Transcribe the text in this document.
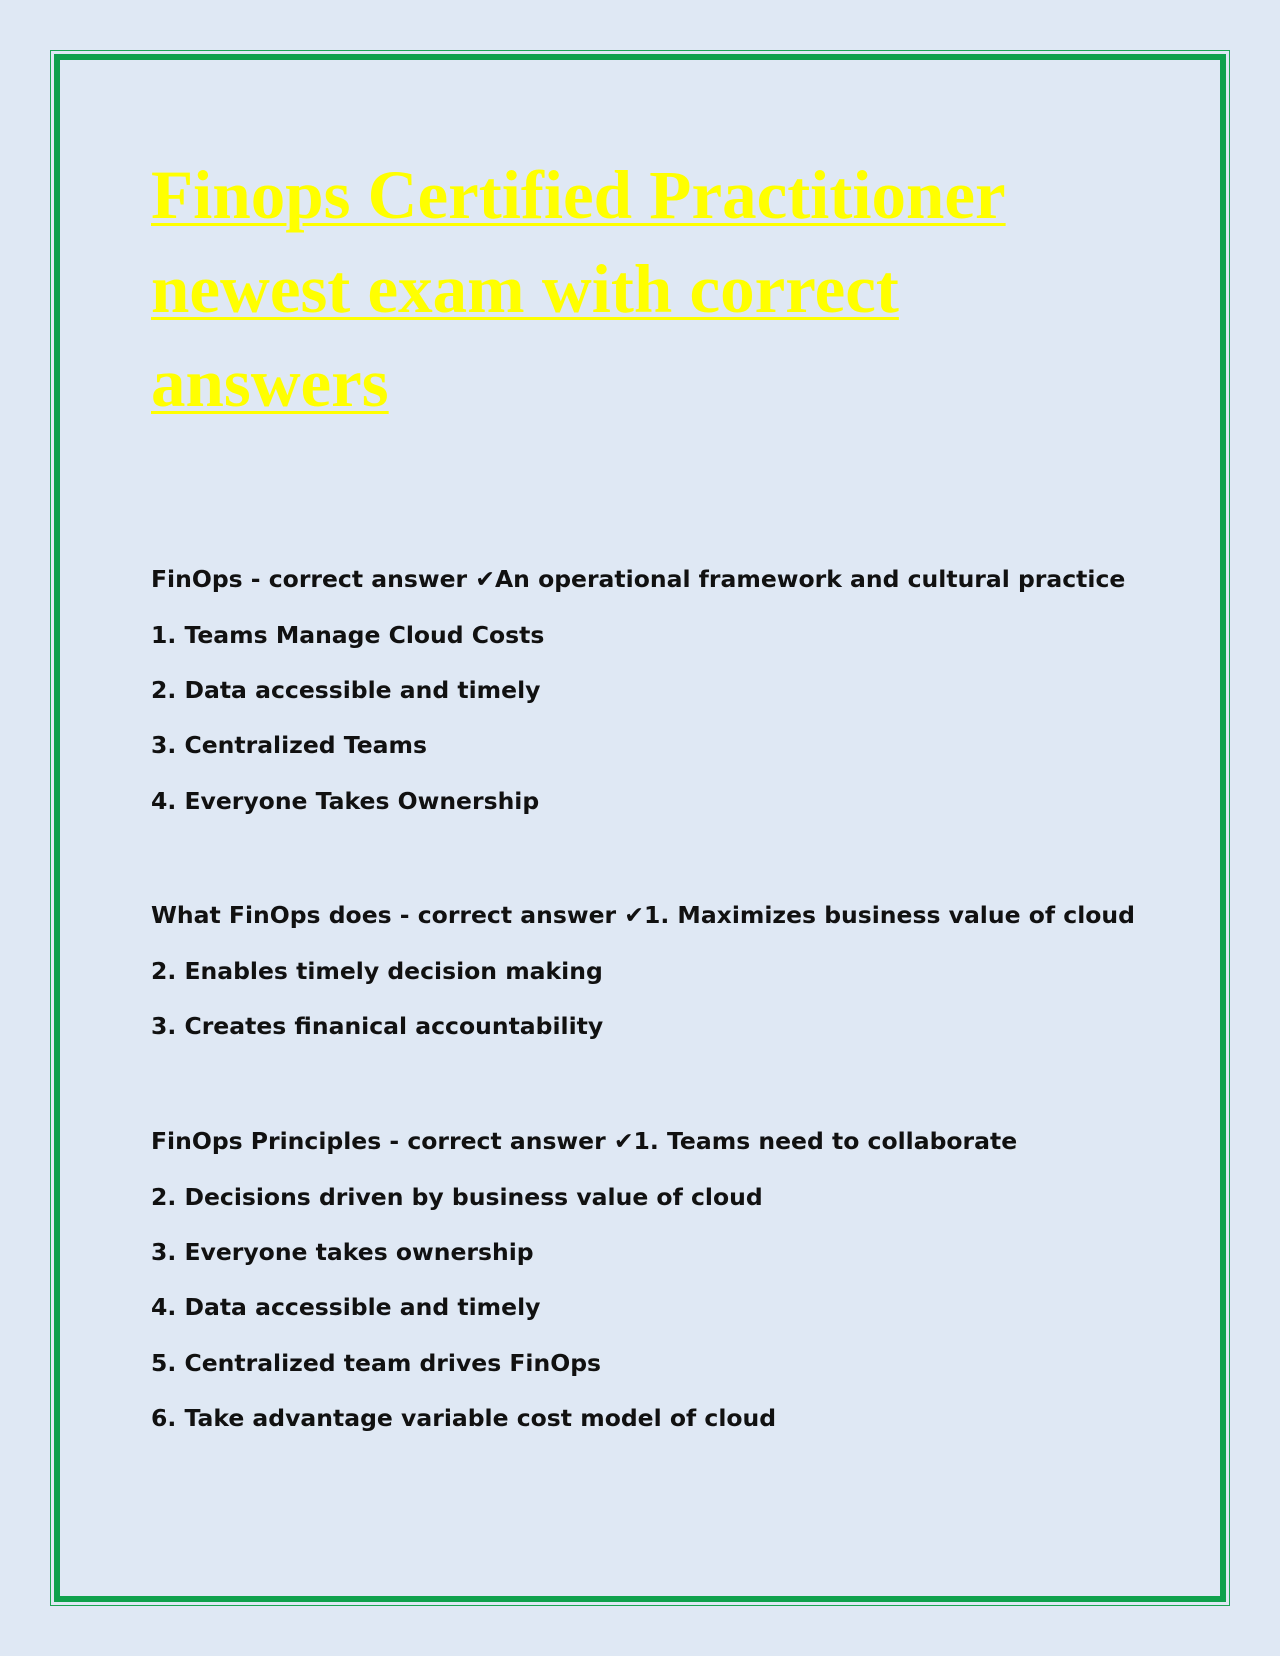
Finops Certified Practitioner newest exam with correct answers
FinOps - correct answer ✔An operational framework and cultural practice
1. Teams Manage Cloud Costs
2. Data accessible and timely
3. Centralized Teams
4. Everyone Takes Ownership
What FinOps does - correct answer ✔1. Maximizes business value of cloud
2. Enables timely decision making
3. Creates finanical accountability
FinOps Principles - correct answer ✔1. Teams need to collaborate
2. Decisions driven by business value of cloud
3. Everyone takes ownership
4. Data accessible and timely
5. Centralized team drives FinOps
6. Take advantage variable cost model of cloud
